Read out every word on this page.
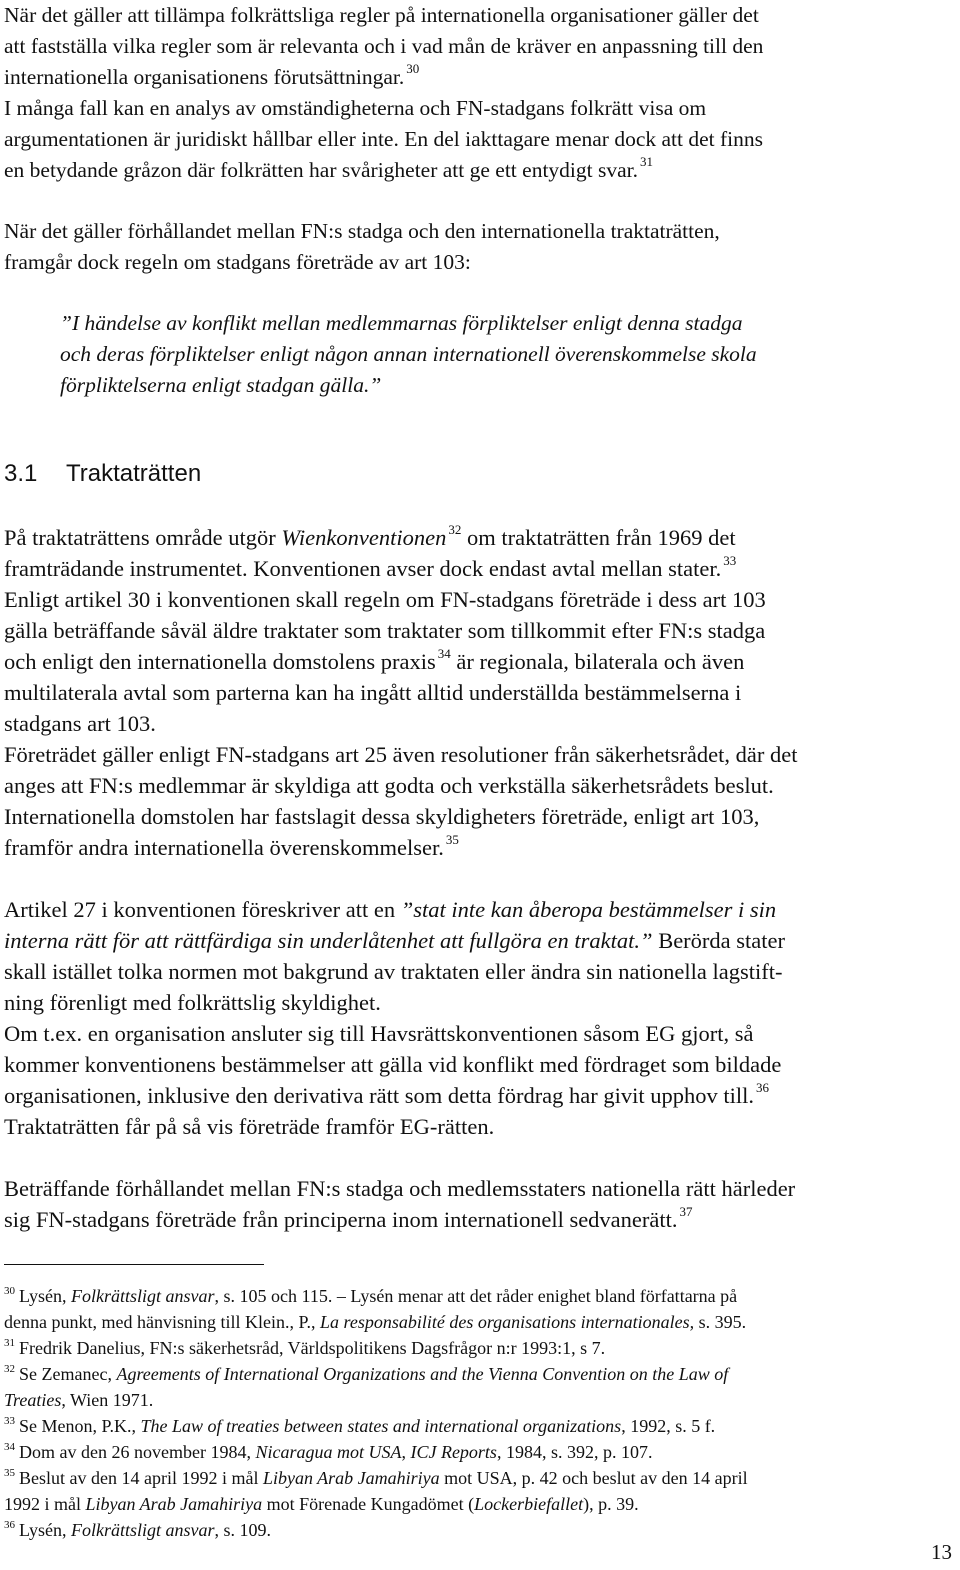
När det gäller att tillämpa folkrättsliga regler på internationella organisationer gäller det
att fastställa vilka regler som är relevanta och i vad mån de kräver en anpassning till den
internationella organisationens förutsättningar. $^{30}$
I många fall kan en analys av omständigheterna och FN-stadgans folkrätt visa om
argumentationen är juridiskt hållbar eller inte. En del iakttagare menar dock att det finns
en betydande gråzon där folkrätten har svårigheter att ge ett entydigt svar. $^{31}$
När det gäller förhållandet mellan FN:s stadga och den internationella traktaträtten,
framgår dock regeln om stadgans företräde av art 103:
”I händelse av konflikt mellan medlemmarnas förpliktelser enligt denna stadga
och deras förpliktelser enligt någon annan internationell överenskommelse skola
förpliktelserna enligt stadgan gälla.”
3.1 Traktaträtten
På traktaträttens område utgör Wienkonventionen $^{32}$ om traktaträtten från 1969 det
framträdande instrumentet. Konventionen avser dock endast avtal mellan stater. $^{33}$
Enligt artikel 30 i konventionen skall regeln om FN-stadgans företräde i dess art 103
gälla beträffande såväl äldre traktater som traktater som tillkommit efter FN:s stadga
och enligt den internationella domstolens praxis $^{34}$ är regionala, bilaterala och även
multilaterala avtal som parterna kan ha ingått alltid underställda bestämmelserna i
stadgans art 103.
Företrädet gäller enligt FN-stadgans art 25 även resolutioner från säkerhetsrådet, där det
anges att FN:s medlemmar är skyldiga att godta och verkställa säkerhetsrådets beslut.
Internationella domstolen har fastslagit dessa skyldigheters företräde, enligt art 103,
framför andra internationella överenskommelser. $^{35}$
Artikel 27 i konventionen föreskriver att en ”stat inte kan åberopa bestämmelser i sin
interna rätt för att rättfärdiga sin underlåtenhet att fullgöra en traktat.” Berörda stater
skall istället tolka normen mot bakgrund av traktaten eller ändra sin nationella lagstift-
ning förenligt med folkrättslig skyldighet.
Om t.ex. en organisation ansluter sig till Havsrättskonventionen såsom EG gjort, så
kommer konventionens bestämmelser att gälla vid konflikt med fördraget som bildade
organisationen, inklusive den derivativa rätt som detta fördrag har givit upphov till. $^{36}$
Traktaträtten får på så vis företräde framför EG-rätten.
Beträffande förhållandet mellan FN:s stadga och medlemsstaters nationella rätt härleder
sig FN-stadgans företräde från principerna inom internationell sedvanerätt. $^{37}$
$^{30}$ Lysén, Folkrättsligt ansvar, s. 105 och 115. – Lysén menar att det råder enighet bland författarna på
denna punkt, med hänvisning till Klein., P., La responsabilité des organisations internationales, s. 395.
$^{31}$ Fredrik Danelius, FN:s säkerhetsråd, Världspolitikens Dagsfrågor n:r 1993:1, s 7.
$^{32}$ Se Zemanec, Agreements of International Organizations and the Vienna Convention on the Law of
Treaties, Wien 1971.
$^{33}$ Se Menon, P.K., The Law of treaties between states and international organizations, 1992, s. 5 f.
$^{34}$ Dom av den 26 november 1984, Nicaragua mot USA, ICJ Reports, 1984, s. 392, p. 107.
$^{35}$ Beslut av den 14 april 1992 i mål Libyan Arab Jamahiriya mot USA, p. 42 och beslut av den 14 april
1992 i mål Libyan Arab Jamahiriya mot Förenade Kungadömet (Lockerbiefallet), p. 39.
$^{36}$ Lysén, Folkrättsligt ansvar, s. 109.
13
